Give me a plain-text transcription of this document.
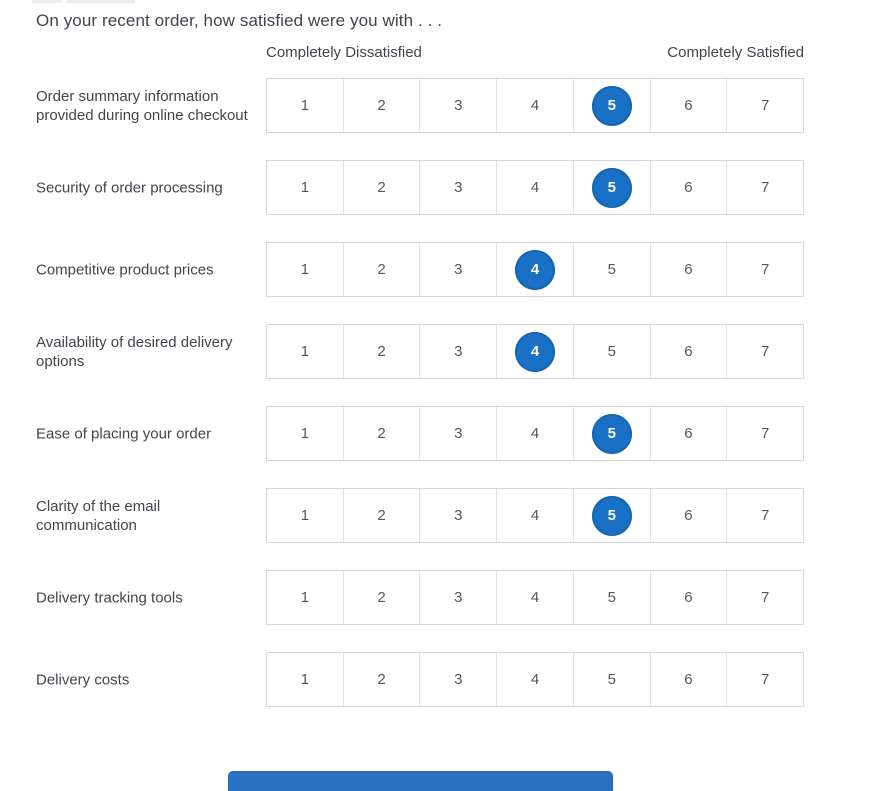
On your recent order, how satisfied were you with . . .
Completely Dissatisfied	Completely Satisfied
Order summary information provided during online checkout
1	2	3	4	5	6	7
Security of order processing	1	2	3	4	5	6	7
Competitive product prices	1	2	3	4	5	6	7
Availability of desired delivery options
1	2	3	4	5	6	7
Ease of placing your order	1	2	3	4	5	6	7
Clarity of the email communication
1	2	3	4	5	6	7
Delivery tracking tools	1	2	3	4	5	6	7
Delivery costs	1	2	3	4	5	6	7
